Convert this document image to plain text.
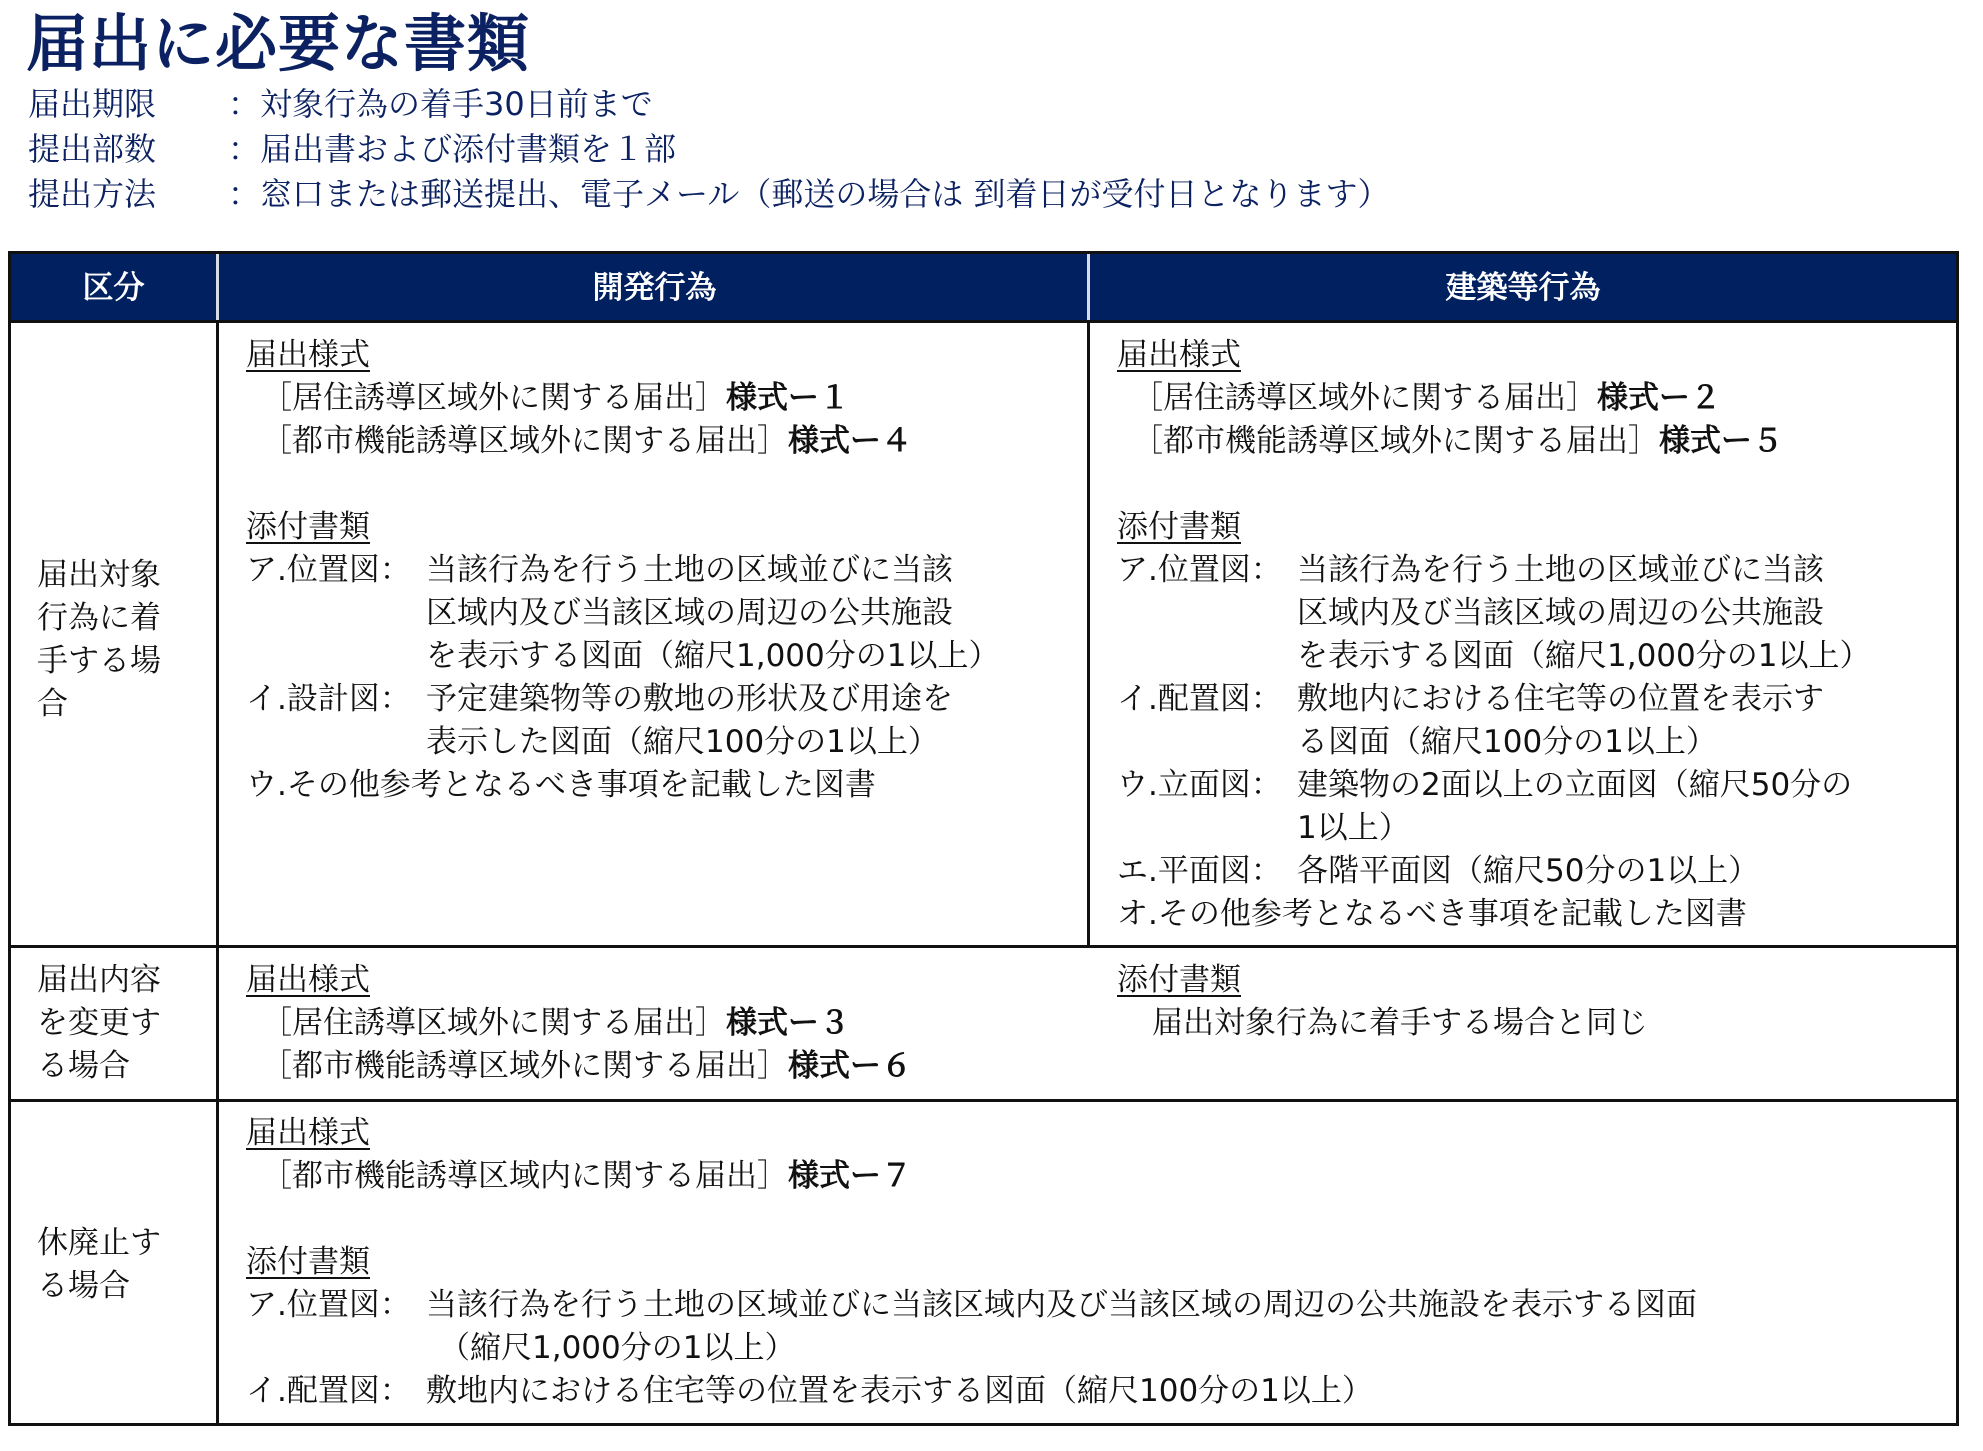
届出に必要な書類
届出期限 ：対象行為の着手30日前まで
提出部数 ：届出書および添付書類を１部
提出方法 ：窓口または郵送提出、電子メール（郵送の場合は 到着日が受付日となります）
区分	開発行為	建築等行為
届出対象
行為に着
手する場
合
届出様式
［居住誘導区域外に関する届出］様式ー１
［都市機能誘導区域外に関する届出］様式ー４
添付書類
ア.位置図： 当該行為を行う土地の区域並びに当該
区域内及び当該区域の周辺の公共施設
を表示する図面（縮尺1,000分の1以上）
イ.設計図： 予定建築物等の敷地の形状及び用途を
表示した図面（縮尺100分の1以上）
ウ.その他参考となるべき事項を記載した図書
届出様式
［居住誘導区域外に関する届出］様式ー２
［都市機能誘導区域外に関する届出］様式ー５
添付書類
ア.位置図： 当該行為を行う土地の区域並びに当該
区域内及び当該区域の周辺の公共施設
を表示する図面（縮尺1,000分の1以上）
イ.配置図： 敷地内における住宅等の位置を表示す
る図面（縮尺100分の1以上）
ウ.立面図： 建築物の2面以上の立面図（縮尺50分の
1以上）
エ.平面図： 各階平面図（縮尺50分の1以上）
オ.その他参考となるべき事項を記載した図書
届出内容
を変更す
る場合
届出様式
［居住誘導区域外に関する届出］様式ー３
［都市機能誘導区域外に関する届出］様式ー６
添付書類
届出対象行為に着手する場合と同じ
休廃止す
る場合
届出様式
［都市機能誘導区域内に関する届出］様式ー７
添付書類
ア.位置図： 当該行為を行う土地の区域並びに当該区域内及び当該区域の周辺の公共施設を表示する図面
（縮尺1,000分の1以上）
イ.配置図： 敷地内における住宅等の位置を表示する図面（縮尺100分の1以上）
